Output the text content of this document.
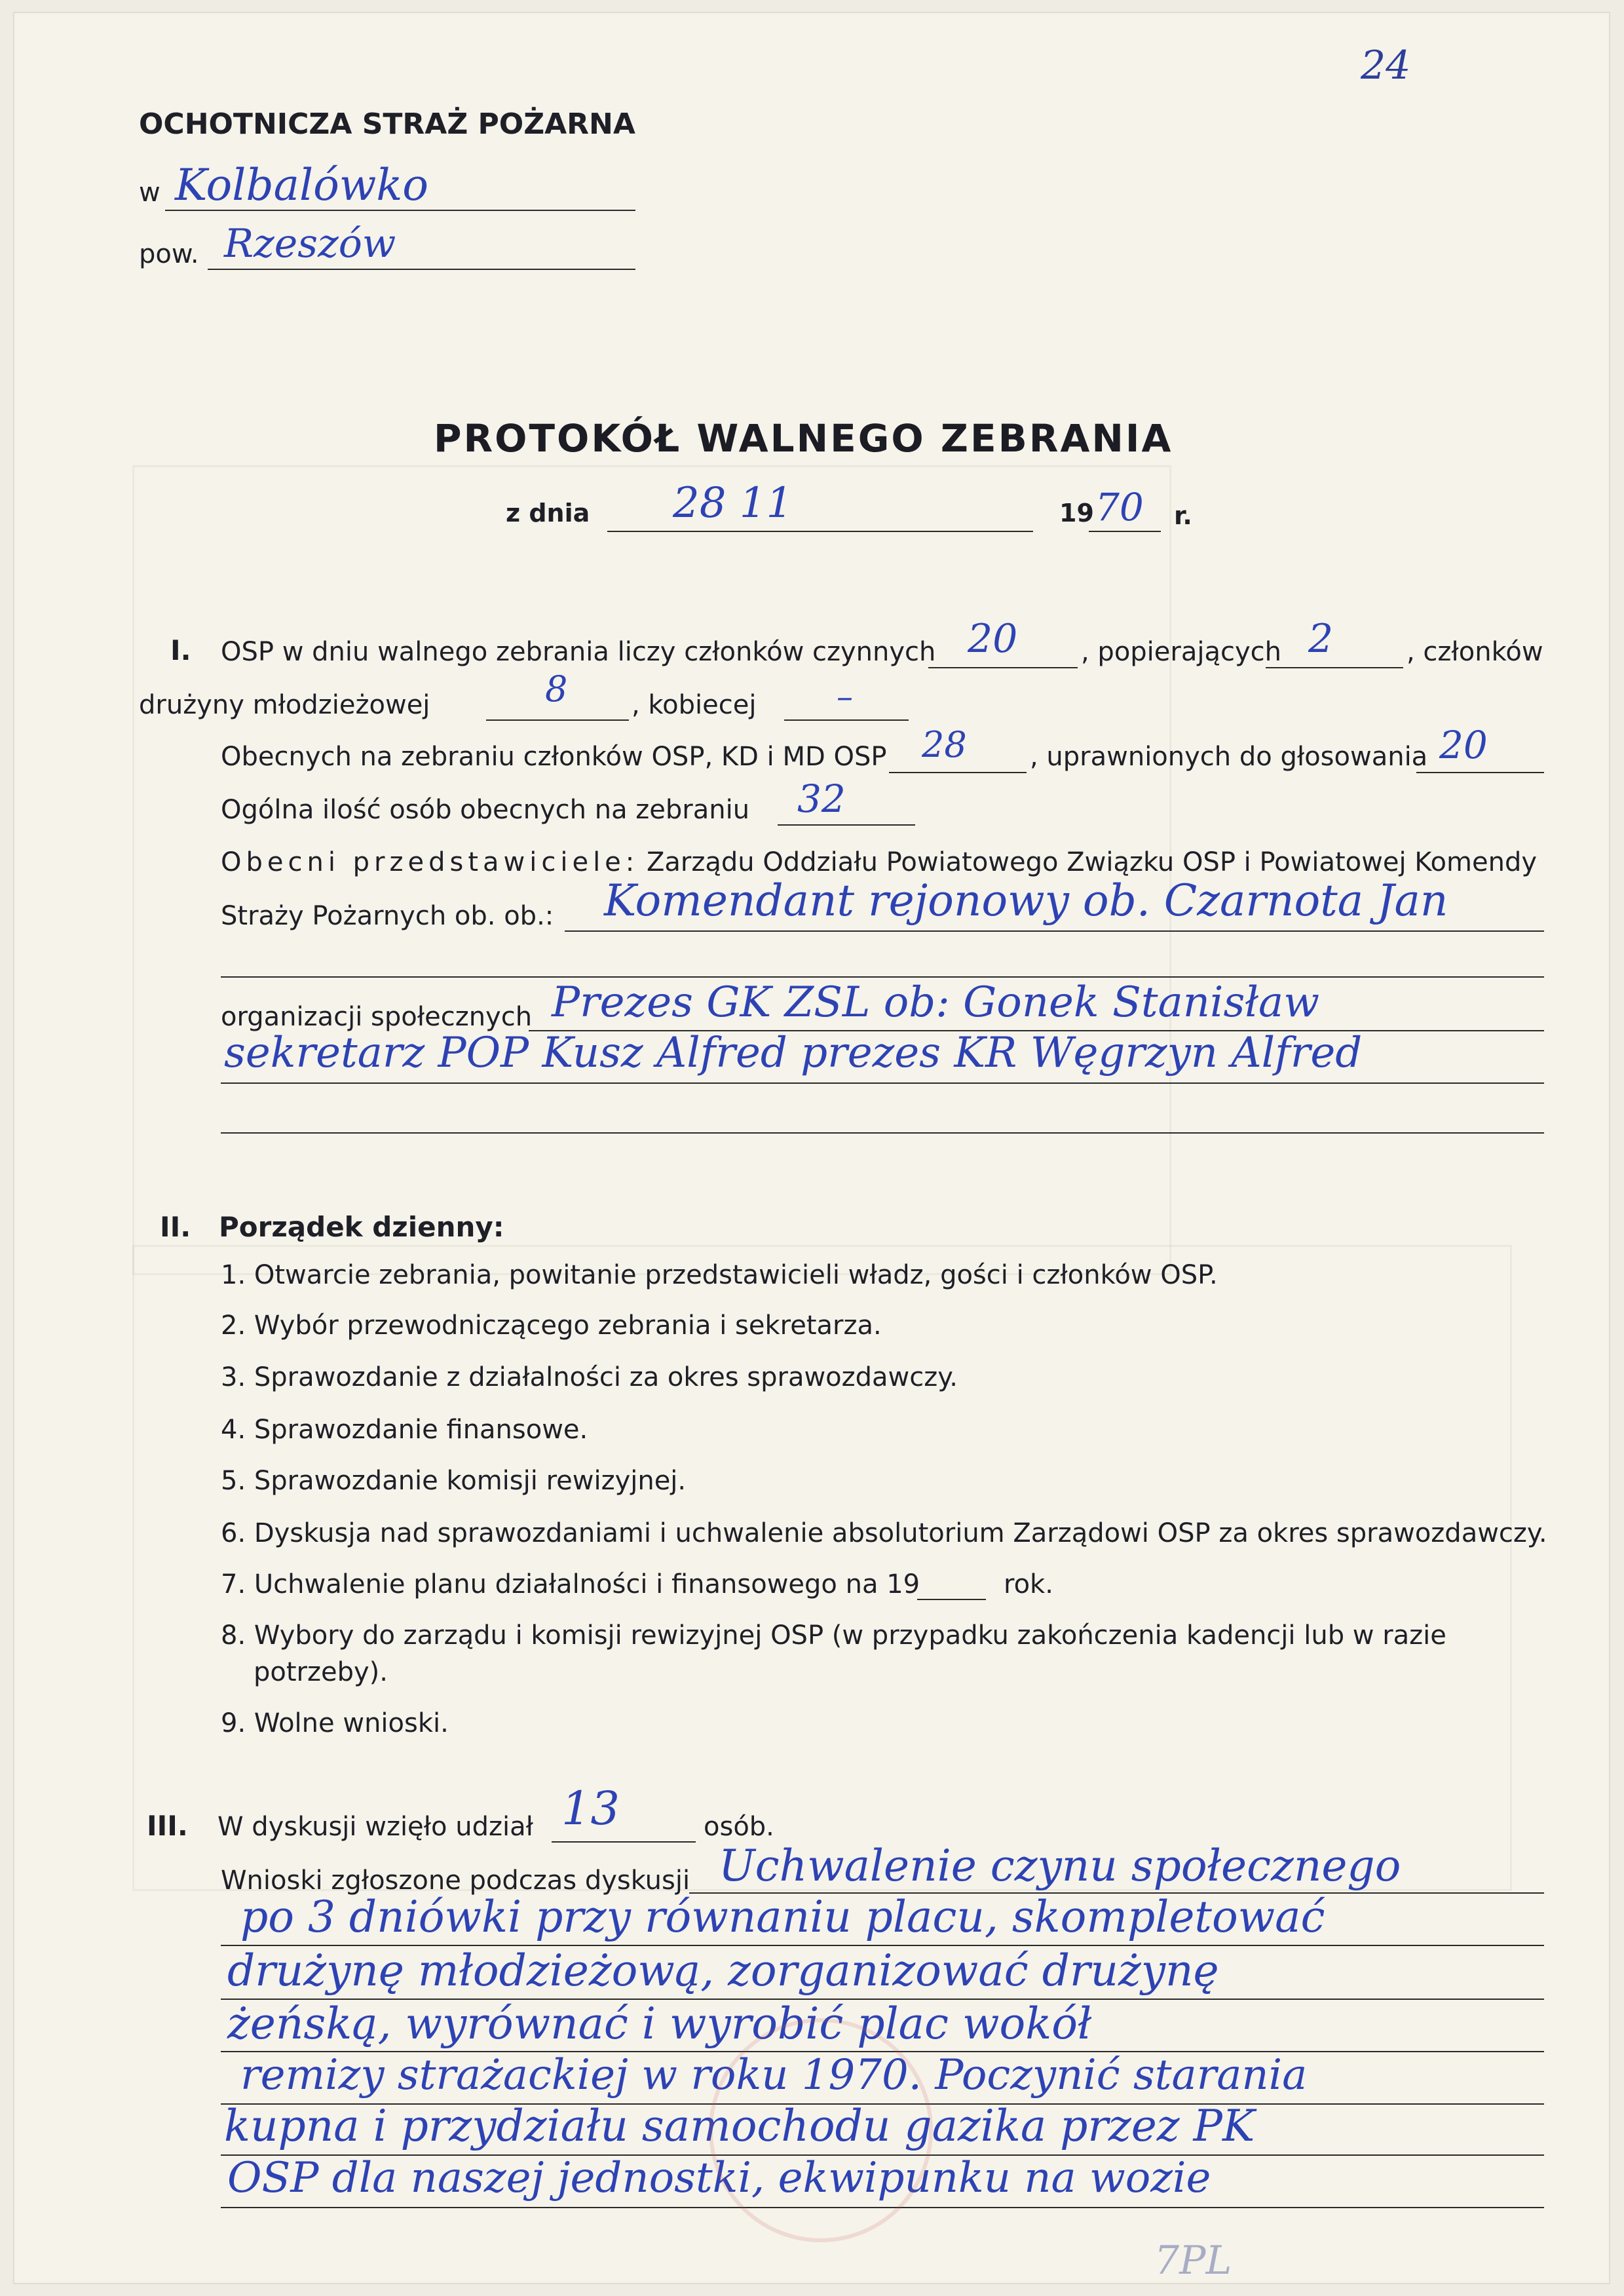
24
OCHOTNICZA STRAŻ POŻARNA
w Kolbalówko
pow. Rzeszów
PROTOKÓŁ WALNEGO ZEBRANIA
z dnia 28 11	19 70 r.
I. OSP w dniu walnego zebrania liczy członków czynnych 20 , popierających 2	, członków
drużyny młodzieżowej	8 , kobiecej –
Obecnych na zebraniu członków OSP, KD i MD OSP 28 , uprawnionych do głosowania 20
Ogólna ilość osób obecnych na zebraniu 32
Obecni przedstawiciele: Zarządu Oddziału Powiatowego Związku OSP i Powiatowej Komendy
Straży Pożarnych ob. ob.: Komendant rejonowy ob. Czarnota Jan
organizacji społecznych Prezes GK ZSL ob: Gonek Stanisław
sekretarz POP Kusz Alfred prezes KR Węgrzyn Alfred
II. Porządek dzienny:
1. Otwarcie zebrania, powitanie przedstawicieli władz, gości i członków OSP.
2. Wybór przewodniczącego zebrania i sekretarza.
3. Sprawozdanie z działalności za okres sprawozdawczy.
4. Sprawozdanie finansowe.
5. Sprawozdanie komisji rewizyjnej.
6. Dyskusja nad sprawozdaniami i uchwalenie absolutorium Zarządowi OSP za okres sprawozdawczy.
7. Uchwalenie planu działalności i finansowego na 19	rok.
8. Wybory do zarządu i komisji rewizyjnej OSP (w przypadku zakończenia kadencji lub w razie
potrzeby).
9. Wolne wnioski.
III. W dyskusji wzięło udział 13	osób.
Wnioski zgłoszone podczas dyskusji Uchwalenie czynu społecznego
po 3 dniówki przy równaniu placu, skompletować
drużynę młodzieżową, zorganizować drużynę
żeńską, wyrównać i wyrobić plac wokół
remizy strażackiej w roku 1970. Poczynić starania
kupna i przydziału samochodu gazika przez PK
OSP dla naszej jednostki, ekwipunku na wozie
7PL
